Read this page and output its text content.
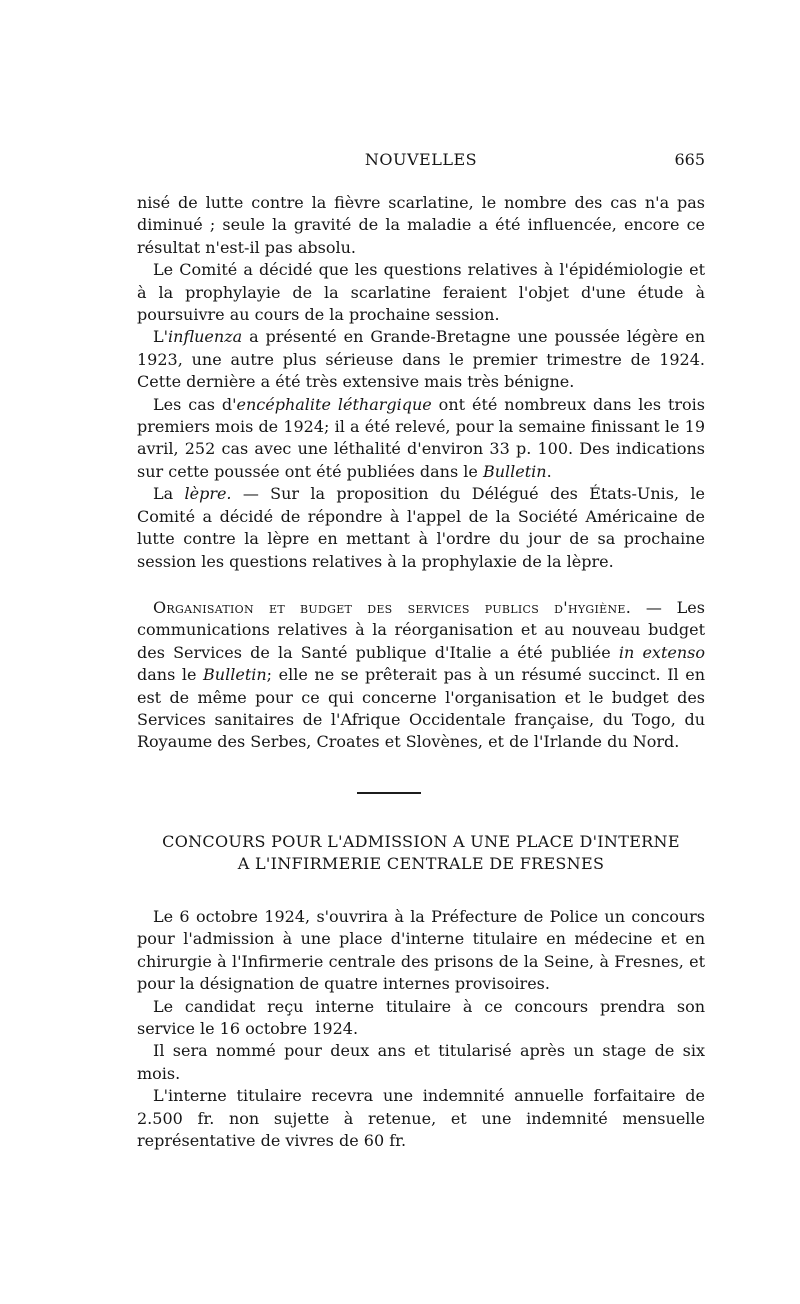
NOUVELLES	665

nisé de lutte contre la fièvre scarlatine, le nombre des cas n'a pas diminué ; seule la gravité de la maladie a été influencée, encore ce résultat n'est-il pas absolu.

Le Comité a décidé que les questions relatives à l'épidémiologie et à la prophylayie de la scarlatine feraient l'objet d'une étude à poursuivre au cours de la prochaine session.

L'influenza a présenté en Grande-Bretagne une poussée légère en 1923, une autre plus sérieuse dans le premier trimestre de 1924. Cette dernière a été très extensive mais très bénigne.

Les cas d'encéphalite léthargique ont été nombreux dans les trois premiers mois de 1924; il a été relevé, pour la semaine finissant le 19 avril, 252 cas avec une léthalité d'environ 33 p. 100. Des indications sur cette poussée ont été publiées dans le Bulletin.

La lèpre. — Sur la proposition du Délégué des États-Unis, le Comité a décidé de répondre à l'appel de la Société Américaine de lutte contre la lèpre en mettant à l'ordre du jour de sa prochaine session les questions relatives à la prophylaxie de la lèpre.

Organisation et budget des services publics d'hygiène. — Les communications relatives à la réorganisation et au nouveau budget des Services de la Santé publique d'Italie a été publiée in extenso dans le Bulletin; elle ne se prêterait pas à un résumé succinct. Il en est de même pour ce qui concerne l'organisation et le budget des Services sanitaires de l'Afrique Occidentale française, du Togo, du Royaume des Serbes, Croates et Slovènes, et de l'Irlande du Nord.

CONCOURS POUR L'ADMISSION A UNE PLACE D'INTERNE
A L'INFIRMERIE CENTRALE DE FRESNES

Le 6 octobre 1924, s'ouvrira à la Préfecture de Police un concours pour l'admission à une place d'interne titulaire en médecine et en chirurgie à l'Infirmerie centrale des prisons de la Seine, à Fresnes, et pour la désignation de quatre internes provisoires.

Le candidat reçu interne titulaire à ce concours prendra son service le 16 octobre 1924.

Il sera nommé pour deux ans et titularisé après un stage de six mois.

L'interne titulaire recevra une indemnité annuelle forfaitaire de 2.500 fr. non sujette à retenue, et une indemnité mensuelle représentative de vivres de 60 fr.
